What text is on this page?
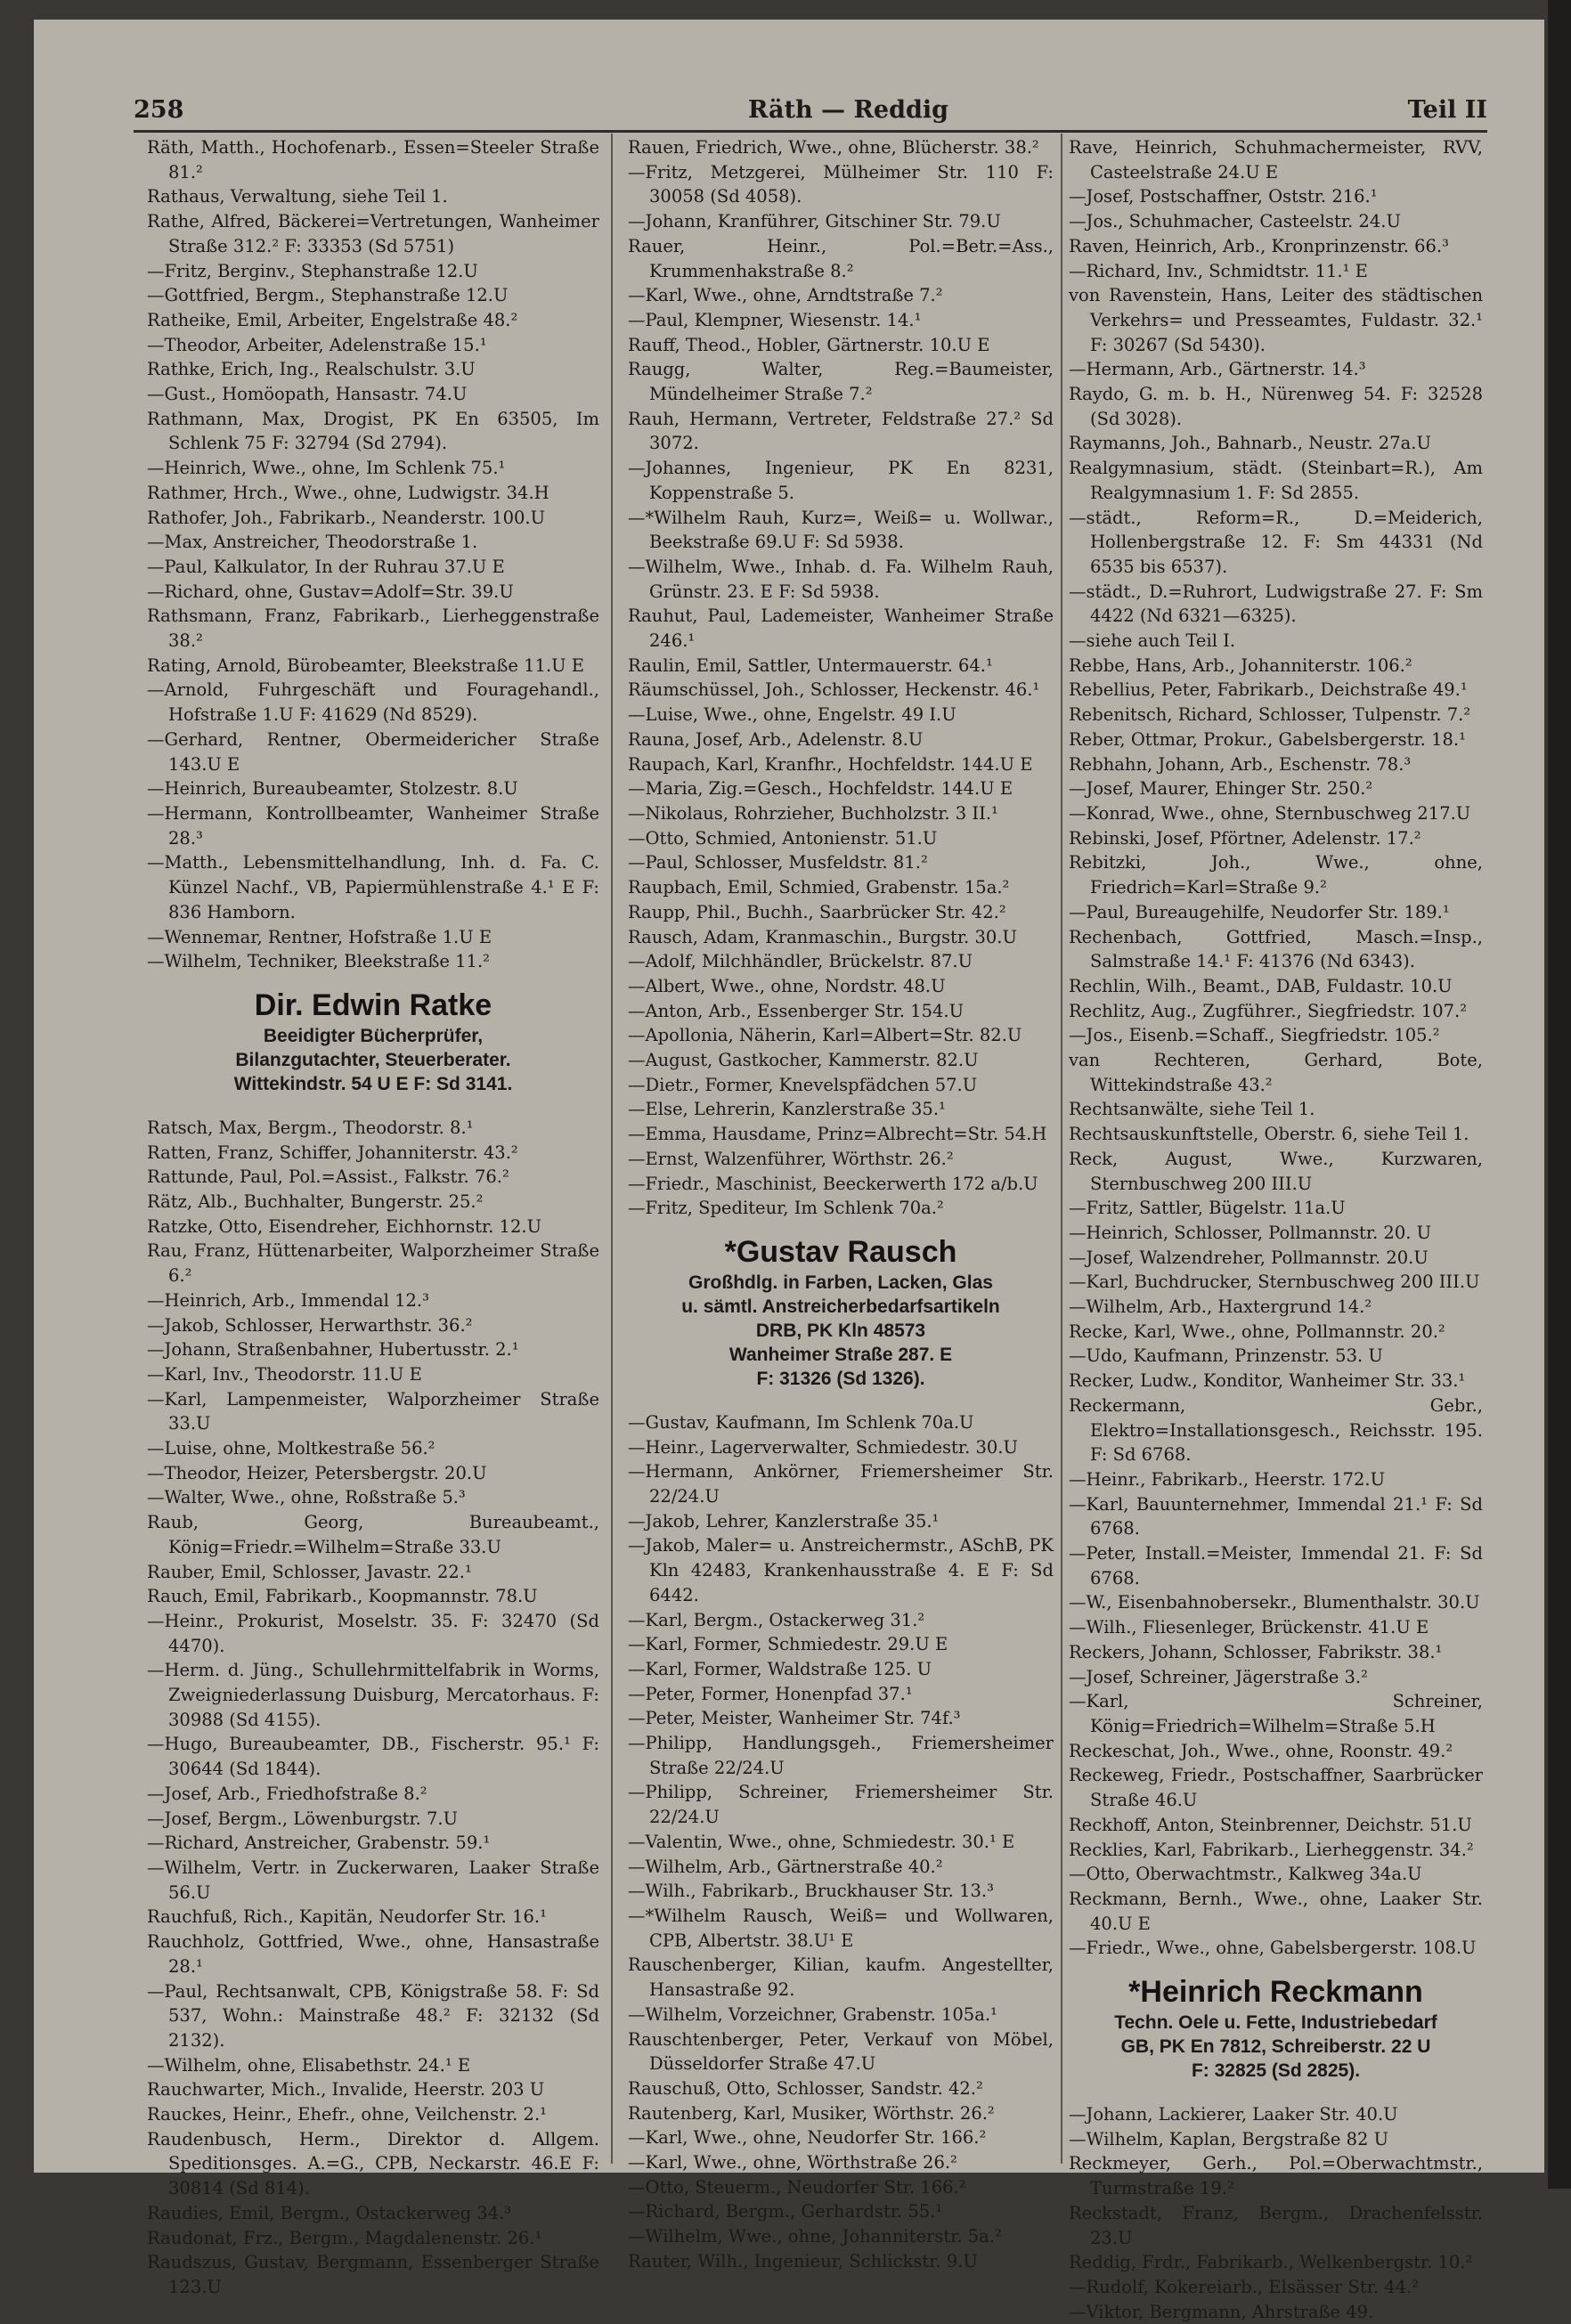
258	Räth — Reddig	Teil II

Räth, Matth., Hochofenarb., Essen=Steeler Straße 81.²

Rathaus, Verwaltung, siehe Teil 1.

Rathe, Alfred, Bäckerei=Vertretungen, Wanheimer Straße 312.² F: 33353 (Sd 5751)

—Fritz, Berginv., Stephanstraße 12.U

—Gottfried, Bergm., Stephanstraße 12.U

Ratheike, Emil, Arbeiter, Engelstraße 48.²

—Theodor, Arbeiter, Adelenstraße 15.¹

Rathke, Erich, Ing., Realschulstr. 3.U

—Gust., Homöopath, Hansastr. 74.U

Rathmann, Max, Drogist, PK En 63505, Im Schlenk 75 F: 32794 (Sd 2794).

—Heinrich, Wwe., ohne, Im Schlenk 75.¹

Rathmer, Hrch., Wwe., ohne, Ludwigstr. 34.H

Rathofer, Joh., Fabrikarb., Neanderstr. 100.U

—Max, Anstreicher, Theodorstraße 1.

—Paul, Kalkulator, In der Ruhrau 37.U E

—Richard, ohne, Gustav=Adolf=Str. 39.U

Rathsmann, Franz, Fabrikarb., Lierheggenstraße 38.²

Rating, Arnold, Bürobeamter, Bleekstraße 11.U E

—Arnold, Fuhrgeschäft und Fouragehandl., Hofstraße 1.U F: 41629 (Nd 8529).

—Gerhard, Rentner, Obermeidericher Straße 143.U E

—Heinrich, Bureaubeamter, Stolzestr. 8.U

—Hermann, Kontrollbeamter, Wanheimer Straße 28.³

—Matth., Lebensmittelhandlung, Inh. d. Fa. C. Künzel Nachf., VB, Papiermühlenstraße 4.¹ E F: 836 Hamborn.

—Wennemar, Rentner, Hofstraße 1.U E

—Wilhelm, Techniker, Bleekstraße 11.²

Dir. Edwin Ratke
Beeidigter Bücherprüfer,
Bilanzgutachter, Steuerberater.
Wittekindstr. 54 U E F: Sd 3141.

Ratsch, Max, Bergm., Theodorstr. 8.¹

Ratten, Franz, Schiffer, Johanniterstr. 43.²

Rattunde, Paul, Pol.=Assist., Falkstr. 76.²

Rätz, Alb., Buchhalter, Bungerstr. 25.²

Ratzke, Otto, Eisendreher, Eichhornstr. 12.U

Rau, Franz, Hüttenarbeiter, Walporzheimer Straße 6.²

—Heinrich, Arb., Immendal 12.³

—Jakob, Schlosser, Herwarthstr. 36.²

—Johann, Straßenbahner, Hubertusstr. 2.¹

—Karl, Inv., Theodorstr. 11.U E

—Karl, Lampenmeister, Walporzheimer Straße 33.U

—Luise, ohne, Moltkestraße 56.²

—Theodor, Heizer, Petersbergstr. 20.U

—Walter, Wwe., ohne, Roßstraße 5.³

Raub, Georg, Bureaubeamt., König=Friedr.=Wilhelm=Straße 33.U

Rauber, Emil, Schlosser, Javastr. 22.¹

Rauch, Emil, Fabrikarb., Koopmannstr. 78.U

—Heinr., Prokurist, Moselstr. 35. F: 32470 (Sd 4470).

—Herm. d. Jüng., Schullehrmittelfabrik in Worms, Zweigniederlassung Duisburg, Mercatorhaus. F: 30988 (Sd 4155).

—Hugo, Bureaubeamter, DB., Fischerstr. 95.¹ F: 30644 (Sd 1844).

—Josef, Arb., Friedhofstraße 8.²

—Josef, Bergm., Löwenburgstr. 7.U

—Richard, Anstreicher, Grabenstr. 59.¹

—Wilhelm, Vertr. in Zuckerwaren, Laaker Straße 56.U

Rauchfuß, Rich., Kapitän, Neudorfer Str. 16.¹

Rauchholz, Gottfried, Wwe., ohne, Hansastraße 28.¹

—Paul, Rechtsanwalt, CPB, Königstraße 58. F: Sd 537, Wohn.: Mainstraße 48.² F: 32132 (Sd 2132).

—Wilhelm, ohne, Elisabethstr. 24.¹ E

Rauchwarter, Mich., Invalide, Heerstr. 203 U

Rauckes, Heinr., Ehefr., ohne, Veilchenstr. 2.¹

Raudenbusch, Herm., Direktor d. Allgem. Speditionsges. A.=G., CPB, Neckarstr. 46.E F: 30814 (Sd 814).

Raudies, Emil, Bergm., Ostackerweg 34.³

Raudonat, Frz., Bergm., Magdalenenstr. 26.¹

Raudszus, Gustav, Bergmann, Essenberger Straße 123.U

Rauen, Friedrich, Wwe., ohne, Blücherstr. 38.²

—Fritz, Metzgerei, Mülheimer Str. 110 F: 30058 (Sd 4058).

—Johann, Kranführer, Gitschiner Str. 79.U

Rauer, Heinr., Pol.=Betr.=Ass., Krummenhakstraße 8.²

—Karl, Wwe., ohne, Arndtstraße 7.²

—Paul, Klempner, Wiesenstr. 14.¹

Rauff, Theod., Hobler, Gärtnerstr. 10.U E

Raugg, Walter, Reg.=Baumeister, Mündelheimer Straße 7.²

Rauh, Hermann, Vertreter, Feldstraße 27.² Sd 3072.

—Johannes, Ingenieur, PK En 8231, Koppenstraße 5.

—*Wilhelm Rauh, Kurz=, Weiß= u. Wollwar., Beekstraße 69.U F: Sd 5938.

—Wilhelm, Wwe., Inhab. d. Fa. Wilhelm Rauh, Grünstr. 23. E F: Sd 5938.

Rauhut, Paul, Lademeister, Wanheimer Straße 246.¹

Raulin, Emil, Sattler, Untermauerstr. 64.¹

Räumschüssel, Joh., Schlosser, Heckenstr. 46.¹

—Luise, Wwe., ohne, Engelstr. 49 I.U

Rauna, Josef, Arb., Adelenstr. 8.U

Raupach, Karl, Kranfhr., Hochfeldstr. 144.U E

—Maria, Zig.=Gesch., Hochfeldstr. 144.U E

—Nikolaus, Rohrzieher, Buchholzstr. 3 II.¹

—Otto, Schmied, Antonienstr. 51.U

—Paul, Schlosser, Musfeldstr. 81.²

Raupbach, Emil, Schmied, Grabenstr. 15a.²

Raupp, Phil., Buchh., Saarbrücker Str. 42.²

Rausch, Adam, Kranmaschin., Burgstr. 30.U

—Adolf, Milchhändler, Brückelstr. 87.U

—Albert, Wwe., ohne, Nordstr. 48.U

—Anton, Arb., Essenberger Str. 154.U

—Apollonia, Näherin, Karl=Albert=Str. 82.U

—August, Gastkocher, Kammerstr. 82.U

—Dietr., Former, Knevelspfädchen 57.U

—Else, Lehrerin, Kanzlerstraße 35.¹

—Emma, Hausdame, Prinz=Albrecht=Str. 54.H

—Ernst, Walzenführer, Wörthstr. 26.²

—Friedr., Maschinist, Beeckerwerth 172 a/b.U

—Fritz, Spediteur, Im Schlenk 70a.²

*Gustav Rausch
Großhdlg. in Farben, Lacken, Glas
u. sämtl. Anstreicherbedarfsartikeln
DRB, PK Kln 48573
Wanheimer Straße 287. E
F: 31326 (Sd 1326).

—Gustav, Kaufmann, Im Schlenk 70a.U

—Heinr., Lagerverwalter, Schmiedestr. 30.U

—Hermann, Ankörner, Friemersheimer Str. 22/24.U

—Jakob, Lehrer, Kanzlerstraße 35.¹

—Jakob, Maler= u. Anstreichermstr., ASchB, PK Kln 42483, Krankenhausstraße 4. E F: Sd 6442.

—Karl, Bergm., Ostackerweg 31.²

—Karl, Former, Schmiedestr. 29.U E

—Karl, Former, Waldstraße 125. U

—Peter, Former, Honenpfad 37.¹

—Peter, Meister, Wanheimer Str. 74f.³

—Philipp, Handlungsgeh., Friemersheimer Straße 22/24.U

—Philipp, Schreiner, Friemersheimer Str. 22/24.U

—Valentin, Wwe., ohne, Schmiedestr. 30.¹ E

—Wilhelm, Arb., Gärtnerstraße 40.²

—Wilh., Fabrikarb., Bruckhauser Str. 13.³

—*Wilhelm Rausch, Weiß= und Wollwaren, CPB, Albertstr. 38.U¹ E

Rauschenberger, Kilian, kaufm. Angestellter, Hansastraße 92.

—Wilhelm, Vorzeichner, Grabenstr. 105a.¹

Rauschtenberger, Peter, Verkauf von Möbel, Düsseldorfer Straße 47.U

Rauschuß, Otto, Schlosser, Sandstr. 42.²

Rautenberg, Karl, Musiker, Wörthstr. 26.²

—Karl, Wwe., ohne, Neudorfer Str. 166.²

—Karl, Wwe., ohne, Wörthstraße 26.²

—Otto, Steuerm., Neudorfer Str. 166.²

—Richard, Bergm., Gerhardstr. 55.¹

—Wilhelm, Wwe., ohne, Johanniterstr. 5a.²

Rauter, Wilh., Ingenieur, Schlickstr. 9.U

Rave, Heinrich, Schuhmachermeister, RVV, Casteelstraße 24.U E

—Josef, Postschaffner, Oststr. 216.¹

—Jos., Schuhmacher, Casteelstr. 24.U

Raven, Heinrich, Arb., Kronprinzenstr. 66.³

—Richard, Inv., Schmidtstr. 11.¹ E

von Ravenstein, Hans, Leiter des städtischen Verkehrs= und Presseamtes, Fuldastr. 32.¹ F: 30267 (Sd 5430).

—Hermann, Arb., Gärtnerstr. 14.³

Raydo, G. m. b. H., Nürenweg 54. F: 32528 (Sd 3028).

Raymanns, Joh., Bahnarb., Neustr. 27a.U

Realgymnasium, städt. (Steinbart=R.), Am Realgymnasium 1. F: Sd 2855.

—städt., Reform=R., D.=Meiderich, Hollenbergstraße 12. F: Sm 44331 (Nd 6535 bis 6537).

—städt., D.=Ruhrort, Ludwigstraße 27. F: Sm 4422 (Nd 6321—6325).

—siehe auch Teil I.

Rebbe, Hans, Arb., Johanniterstr. 106.²

Rebellius, Peter, Fabrikarb., Deichstraße 49.¹

Rebenitsch, Richard, Schlosser, Tulpenstr. 7.²

Reber, Ottmar, Prokur., Gabelsbergerstr. 18.¹

Rebhahn, Johann, Arb., Eschenstr. 78.³

—Josef, Maurer, Ehinger Str. 250.²

—Konrad, Wwe., ohne, Sternbuschweg 217.U

Rebinski, Josef, Pförtner, Adelenstr. 17.²

Rebitzki, Joh., Wwe., ohne, Friedrich=Karl=Straße 9.²

—Paul, Bureaugehilfe, Neudorfer Str. 189.¹

Rechenbach, Gottfried, Masch.=Insp., Salmstraße 14.¹ F: 41376 (Nd 6343).

Rechlin, Wilh., Beamt., DAB, Fuldastr. 10.U

Rechlitz, Aug., Zugführer., Siegfriedstr. 107.²

—Jos., Eisenb.=Schaff., Siegfriedstr. 105.²

van Rechteren, Gerhard, Bote, Wittekindstraße 43.²

Rechtsanwälte, siehe Teil 1.

Rechtsauskunftstelle, Oberstr. 6, siehe Teil 1.

Reck, August, Wwe., Kurzwaren, Sternbuschweg 200 III.U

—Fritz, Sattler, Bügelstr. 11a.U

—Heinrich, Schlosser, Pollmannstr. 20. U

—Josef, Walzendreher, Pollmannstr. 20.U

—Karl, Buchdrucker, Sternbuschweg 200 III.U

—Wilhelm, Arb., Haxtergrund 14.²

Recke, Karl, Wwe., ohne, Pollmannstr. 20.²

—Udo, Kaufmann, Prinzenstr. 53. U

Recker, Ludw., Konditor, Wanheimer Str. 33.¹

Reckermann, Gebr., Elektro=Installationsgesch., Reichsstr. 195. F: Sd 6768.

—Heinr., Fabrikarb., Heerstr. 172.U

—Karl, Bauunternehmer, Immendal 21.¹ F: Sd 6768.

—Peter, Install.=Meister, Immendal 21. F: Sd 6768.

—W., Eisenbahnobersekr., Blumenthalstr. 30.U

—Wilh., Fliesenleger, Brückenstr. 41.U E

Reckers, Johann, Schlosser, Fabrikstr. 38.¹

—Josef, Schreiner, Jägerstraße 3.²

—Karl, Schreiner, König=Friedrich=Wilhelm=Straße 5.H

Reckeschat, Joh., Wwe., ohne, Roonstr. 49.²

Reckeweg, Friedr., Postschaffner, Saarbrücker Straße 46.U

Reckhoff, Anton, Steinbrenner, Deichstr. 51.U

Recklies, Karl, Fabrikarb., Lierheggenstr. 34.²

—Otto, Oberwachtmstr., Kalkweg 34a.U

Reckmann, Bernh., Wwe., ohne, Laaker Str. 40.U E

—Friedr., Wwe., ohne, Gabelsbergerstr. 108.U

*Heinrich Reckmann
Techn. Oele u. Fette, Industriebedarf
GB, PK En 7812, Schreiberstr. 22 U
F: 32825 (Sd 2825).

—Johann, Lackierer, Laaker Str. 40.U

—Wilhelm, Kaplan, Bergstraße 82 U

Reckmeyer, Gerh., Pol.=Oberwachtmstr., Turmstraße 19.²

Reckstadt, Franz, Bergm., Drachenfelsstr. 23.U

Reddig, Frdr., Fabrikarb., Welkenbergstr. 10.²

—Rudolf, Kokereiarb., Elsässer Str. 44.²

—Viktor, Bergmann, Ahrstraße 49.
